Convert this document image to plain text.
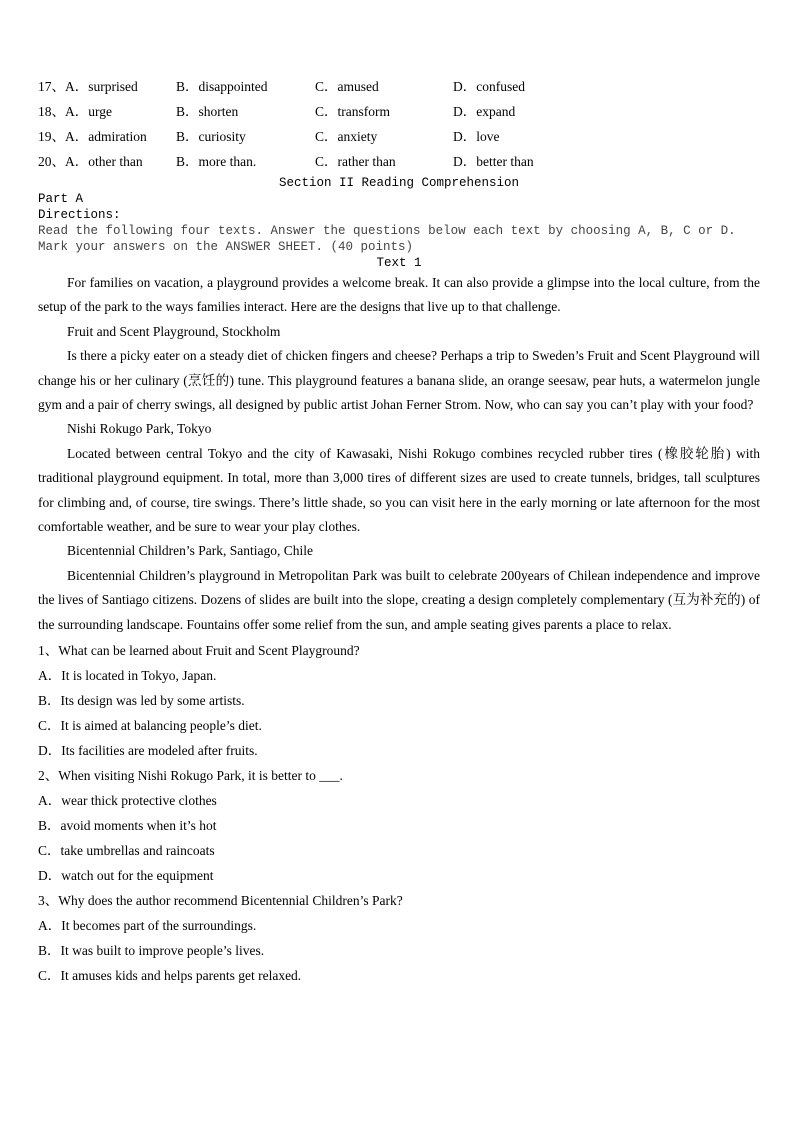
17、A．surprised	B．disappointed	C．amused	D．confused
18、A．urge	B．shorten	C．transform	D．expand
19、A．admiration B．curiosity	C．anxiety	D．love
20、A．other than B．more than.	C．rather than	D．better than
Section II Reading Comprehension
Part A
Directions:
Read the following four texts. Answer the questions below each text by choosing A, B, C or D. Mark your answers on the ANSWER SHEET. (40 points)
Text 1
For families on vacation, a playground provides a welcome break. It can also provide a glimpse into the local culture, from the setup of the park to the ways families interact. Here are the designs that live up to that challenge.
Fruit and Scent Playground, Stockholm
Is there a picky eater on a steady diet of chicken fingers and cheese? Perhaps a trip to Sweden’s Fruit and Scent Playground will change his or her culinary (烹饪的) tune. This playground features a banana slide, an orange seesaw, pear huts, a watermelon jungle gym and a pair of cherry swings, all designed by public artist Johan Ferner Strom. Now, who can say you can’t play with your food?
Nishi Rokugo Park, Tokyo
Located between central Tokyo and the city of Kawasaki, Nishi Rokugo combines recycled rubber tires (橡胶轮胎) with traditional playground equipment. In total, more than 3,000 tires of different sizes are used to create tunnels, bridges, tall sculptures for climbing and, of course, tire swings. There’s little shade, so you can visit here in the early morning or late afternoon for the most comfortable weather, and be sure to wear your play clothes.
Bicentennial Children’s Park, Santiago, Chile
Bicentennial Children’s playground in Metropolitan Park was built to celebrate 200years of Chilean independence and improve the lives of Santiago citizens. Dozens of slides are built into the slope, creating a design completely complementary (互为补充的) of the surrounding landscape. Fountains offer some relief from the sun, and ample seating gives parents a place to relax.
1、What can be learned about Fruit and Scent Playground?
A．It is located in Tokyo, Japan.
B．Its design was led by some artists.
C．It is aimed at balancing people’s diet.
D．Its facilities are modeled after fruits.
2、When visiting Nishi Rokugo Park, it is better to ___.
A．wear thick protective clothes
B．avoid moments when it’s hot
C．take umbrellas and raincoats
D．watch out for the equipment
3、Why does the author recommend Bicentennial Children’s Park?
A．It becomes part of the surroundings.
B．It was built to improve people’s lives.
C．It amuses kids and helps parents get relaxed.
